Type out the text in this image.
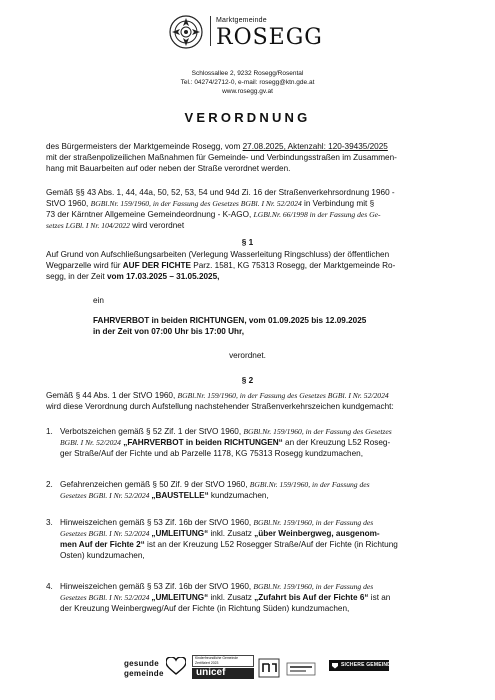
Marktgemeinde
ROSEGG
Schlossallee 2, 9232 Rosegg/Rosental
Tel.: 04274/2712-0, e-mail: rosegg@ktn.gde.at
www.rosegg.gv.at
VERORDNUNG
des Bürgermeisters der Marktgemeinde Rosegg, vom 27.08.2025, Aktenzahl: 120-39435/2025
mit der straßenpolizeilichen Maßnahmen für Gemeinde- und Verbindungsstraßen im Zusammen-
hang mit Bauarbeiten auf oder neben der Straße verordnet werden.
Gemäß §§ 43 Abs. 1, 44, 44a, 50, 52, 53, 54 und 94d Zi. 16 der Straßenverkehrsordnung 1960 -
StVO 1960, BGBl.Nr. 159/1960, in der Fassung des Gesetzes BGBl. I Nr. 52/2024 in Verbindung mit §
73 der Kärntner Allgemeine Gemeindeordnung - K-AGO, LGBl.Nr. 66/1998 in der Fassung des Ge-
setzes LGBl. I Nr. 104/2022 wird verordnet
§ 1
Auf Grund von Aufschließungsarbeiten (Verlegung Wasserleitung Ringschluss) der öffentlichen
Wegparzelle wird für AUF DER FICHTE Parz. 1581, KG 75313 Rosegg, der Marktgemeinde Ro-
segg, in der Zeit vom 17.03.2025 – 31.05.2025,
ein
FAHRVERBOT in beiden RICHTUNGEN, vom 01.09.2025 bis 12.09.2025
in der Zeit von 07:00 Uhr bis 17:00 Uhr,
verordnet.
§ 2
Gemäß § 44 Abs. 1 der StVO 1960, BGBl.Nr. 159/1960, in der Fassung des Gesetzes BGBl. I Nr. 52/2024
wird diese Verordnung durch Aufstellung nachstehender Straßenverkehrszeichen kundgemacht:
1. Verbotszeichen gemäß § 52 Zif. 1 der StVO 1960, BGBl.Nr. 159/1960, in der Fassung des Gesetzes
BGBl. I Nr. 52/2024 „FAHRVERBOT in beiden RICHTUNGEN“ an der Kreuzung L52 Roseg-
ger Straße/Auf der Fichte und ab Parzelle 1178, KG 75313 Rosegg kundzumachen,
2. Gefahrenzeichen gemäß § 50 Zif. 9 der StVO 1960, BGBl.Nr. 159/1960, in der Fassung des
Gesetzes BGBl. I Nr. 52/2024 „BAUSTELLE“ kundzumachen,
3. Hinweiszeichen gemäß § 53 Zif. 16b der StVO 1960, BGBl.Nr. 159/1960, in der Fassung des
Gesetzes BGBl. I Nr. 52/2024 „UMLEITUNG“ inkl. Zusatz „über Weinbergweg, ausgenom-
men Auf der Fichte 2“ ist an der Kreuzung L52 Rosegger Straße/Auf der Fichte (in Richtung
Osten) kundzumachen,
4. Hinweiszeichen gemäß § 53 Zif. 16b der StVO 1960, BGBl.Nr. 159/1960, in der Fassung des
Gesetzes BGBl. I Nr. 52/2024 „UMLEITUNG“ inkl. Zusatz „Zufahrt bis Auf der Fichte 6“ ist an
der Kreuzung Weinbergweg/Auf der Fichte (in Richtung Süden) kundzumachen,
gesunde
gemeinde
Kinderfreundliche Gemeinde
Zertifiziert 2023
unicef
SICHERE GEMEINDE
